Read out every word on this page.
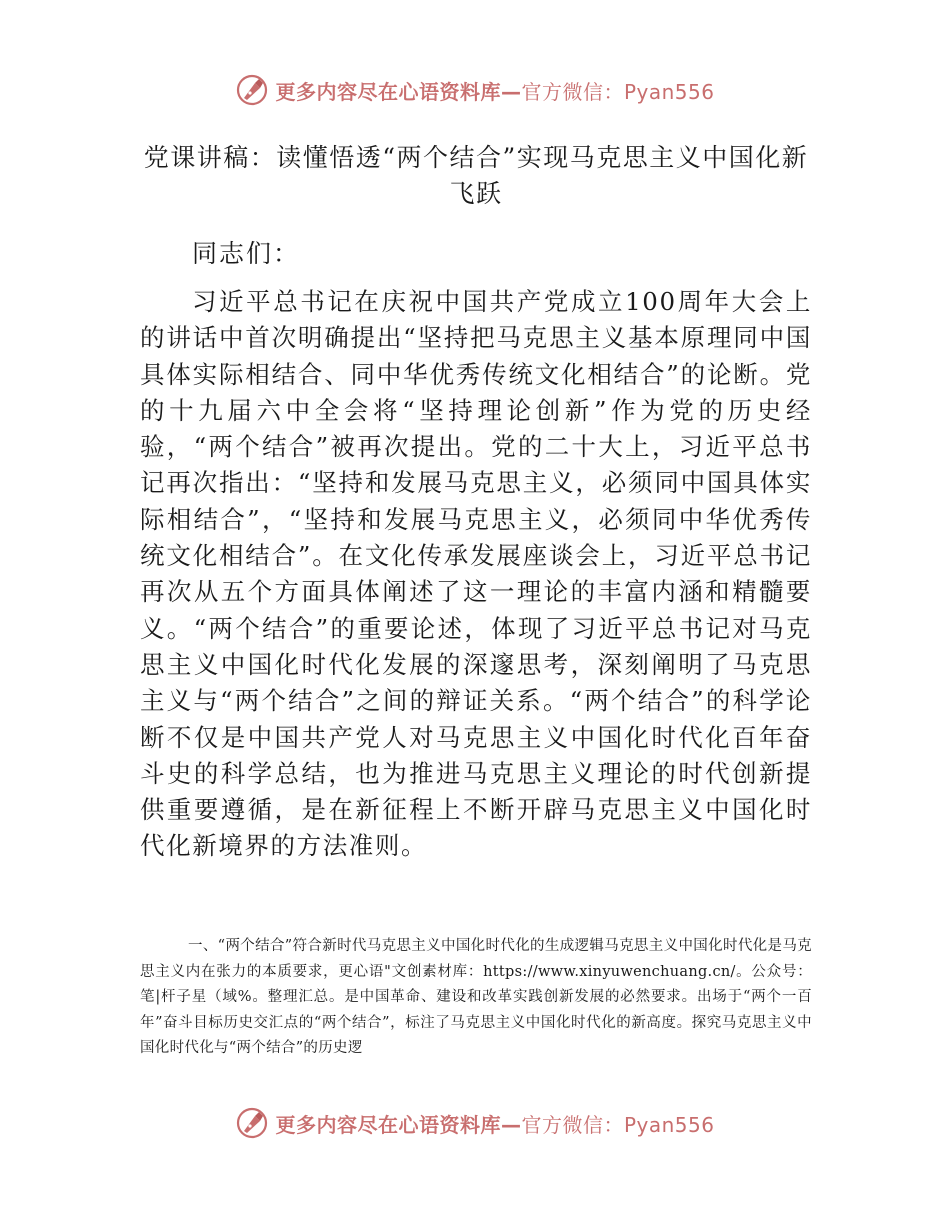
更多内容尽在心语资料库—官方微信：Pyan556
党课讲稿：读懂悟透“两个结合”实现马克思主义中国化新飞跃

同志们：

习近平总书记在庆祝中国共产党成立100周年大会上的讲话中首次明确提出“坚持把马克思主义基本原理同中国具体实际相结合、同中华优秀传统文化相结合”的论断。党的十九届六中全会将“坚持理论创新”作为党的历史经验，“两个结合”被再次提出。党的二十大上，习近平总书记再次指出：“坚持和发展马克思主义，必须同中国具体实际相结合”，“坚持和发展马克思主义，必须同中华优秀传统文化相结合”。在文化传承发展座谈会上，习近平总书记再次从五个方面具体阐述了这一理论的丰富内涵和精髓要义。“两个结合”的重要论述，体现了习近平总书记对马克思主义中国化时代化发展的深邃思考，深刻阐明了马克思主义与“两个结合”之间的辩证关系。“两个结合”的科学论断不仅是中国共产党人对马克思主义中国化时代化百年奋斗史的科学总结，也为推进马克思主义理论的时代创新提供重要遵循，是在新征程上不断开辟马克思主义中国化时代化新境界的方法准则。

一、“两个结合”符合新时代马克思主义中国化时代化的生成逻辑马克思主义中国化时代化是马克思主义内在张力的本质要求，更心语"文创素材库：https://www.xinyuwenchuang.cn/。公众号：笔|杆子星（域%。整理汇总。是中国革命、建设和改革实践创新发展的必然要求。出场于“两个一百年”奋斗目标历史交汇点的“两个结合”，标注了马克思主义中国化时代化的新高度。探究马克思主义中国化时代化与“两个结合”的历史逻

更多内容尽在心语资料库—官方微信：Pyan556
